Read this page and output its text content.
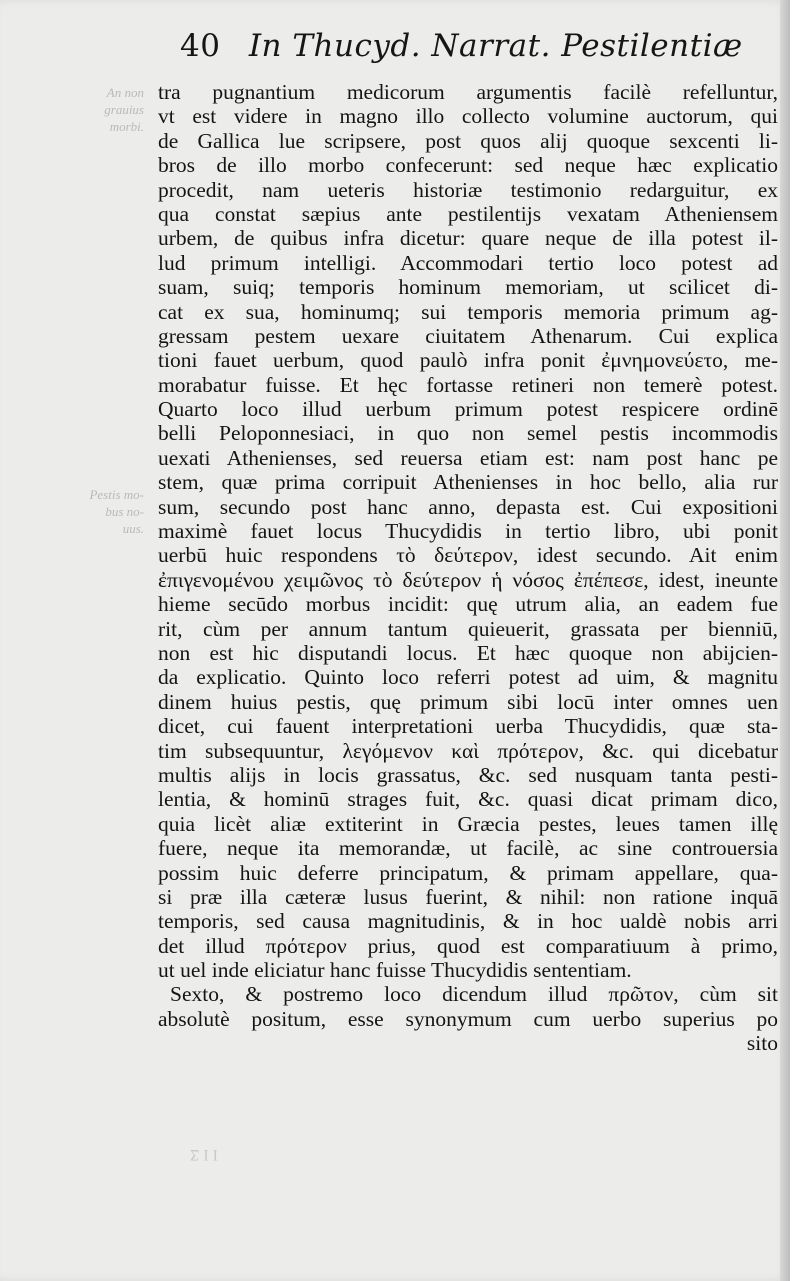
40 In Thucyd. Narrat. Pestilentiæ
An non
grauius
morbi.
Pestis mo-
bus no-
uus.
tra pugnantium medicorum argumentis facilè refelluntur,
vt est videre in magno illo collecto volumine auctorum, qui
de Gallica lue scripsere, post quos alij quoque sexcenti li-
bros de illo morbo confecerunt: sed neque hæc explicatio
procedit, nam ueteris historiæ testimonio redarguitur, ex
qua constat sæpius ante pestilentijs vexatam Atheniensem
urbem, de quibus infra dicetur: quare neque de illa potest il-
lud primum intelligi. Accommodari tertio loco potest ad
suam, suiq; temporis hominum memoriam, ut scilicet di-
cat ex sua, hominumq; sui temporis memoria primum ag-
gressam pestem uexare ciuitatem Athenarum. Cui explica
tioni fauet uerbum, quod paulò infra ponit ἐμνημονεύετο, me-
morabatur fuisse. Et hęc fortasse retineri non temerè potest.
Quarto loco illud uerbum primum potest respicere ordinē
belli Peloponnesiaci, in quo non semel pestis incommodis
uexati Athenienses, sed reuersa etiam est: nam post hanc pe
stem, quæ prima corripuit Athenienses in hoc bello, alia rur
sum, secundo post hanc anno, depasta est. Cui expositioni
maximè fauet locus Thucydidis in tertio libro, ubi ponit
uerbū huic respondens τὸ δεύτερον, idest secundo. Ait enim
ἐπιγενομένου χειμῶνος τὸ δεύτερον ἡ νόσος ἐπέπεσε, idest, ineunte
hieme secūdo morbus incidit: quę utrum alia, an eadem fue
rit, cùm per annum tantum quieuerit, grassata per bienniū,
non est hic disputandi locus. Et hæc quoque non abijcien-
da explicatio. Quinto loco referri potest ad uim, & magnitu
dinem huius pestis, quę primum sibi locū inter omnes uen
dicet, cui fauent interpretationi uerba Thucydidis, quæ sta-
tim subsequuntur, λεγόμενον καὶ πρότερον, &c. qui dicebatur
multis alijs in locis grassatus, &c. sed nusquam tanta pesti-
lentia, & hominū strages fuit, &c. quasi dicat primam dico,
quia licèt aliæ extiterint in Græcia pestes, leues tamen illę
fuere, neque ita memorandæ, ut facilè, ac sine controuersia
possim huic deferre principatum, & primam appellare, qua-
si præ illa cæteræ lusus fuerint, & nihil: non ratione inquā
temporis, sed causa magnitudinis, & in hoc ualdè nobis arri
det illud πρότερον prius, quod est comparatiuum à primo,
ut uel inde eliciatur hanc fuisse Thucydidis sententiam.
Sexto, & postremo loco dicendum illud πρῶτον, cùm sit
absolutè positum, esse synonymum cum uerbo superius po
sito
ΣΙΙ
